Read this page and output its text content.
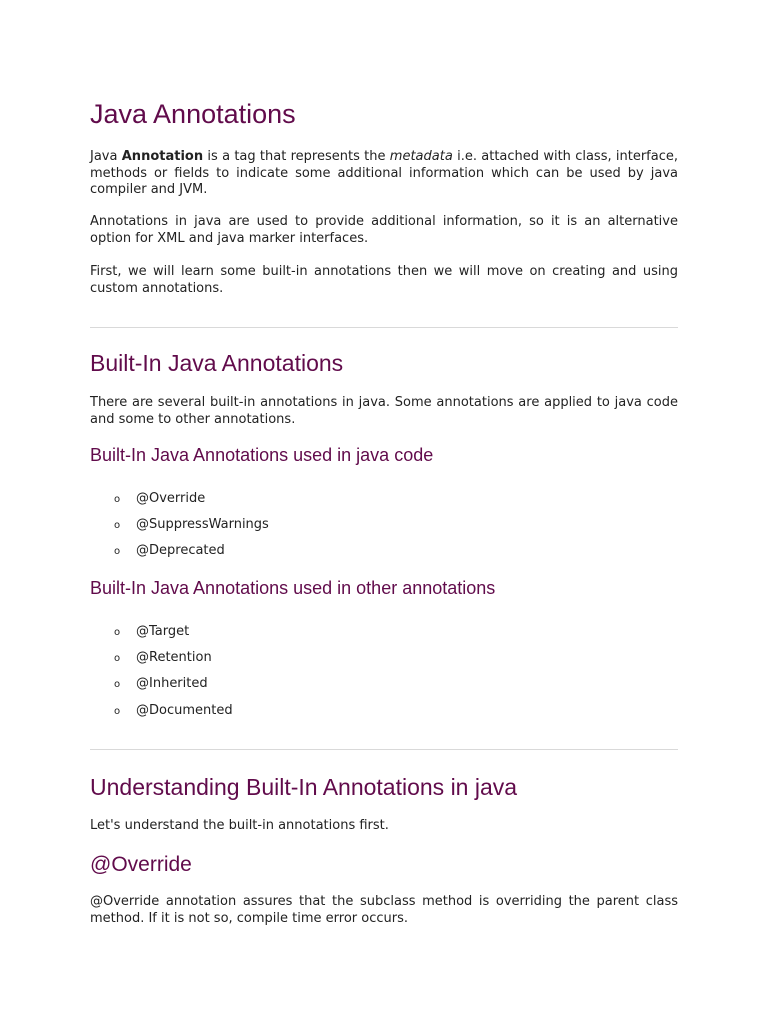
Java Annotations

Java Annotation is a tag that represents the metadata i.e. attached with class, interface, methods or fields to indicate some additional information which can be used by java compiler and JVM.

Annotations in java are used to provide additional information, so it is an alternative option for XML and java marker interfaces.

First, we will learn some built-in annotations then we will move on creating and using custom annotations.

Built-In Java Annotations

There are several built-in annotations in java. Some annotations are applied to java code and some to other annotations.

Built-In Java Annotations used in java code
o @Override
o @SuppressWarnings
o @Deprecated
Built-In Java Annotations used in other annotations
o @Target
o @Retention
o @Inherited
o @Documented
Understanding Built-In Annotations in java

Let's understand the built-in annotations first.

@Override

@Override annotation assures that the subclass method is overriding the parent class method. If it is not so, compile time error occurs.
